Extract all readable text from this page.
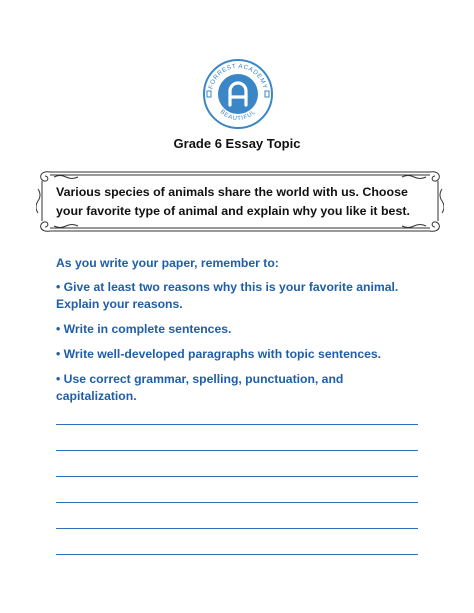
FORREST ACADEMY
BEAUTIFUL
Grade 6 Essay Topic
Various species of animals share the world with us. Choose your favorite type of animal and explain why you like it best.
As you write your paper, remember to:
• Give at least two reasons why this is your favorite animal. Explain your reasons.
• Write in complete sentences.
• Write well-developed paragraphs with topic sentences.
• Use correct grammar, spelling, punctuation, and capitalization.
